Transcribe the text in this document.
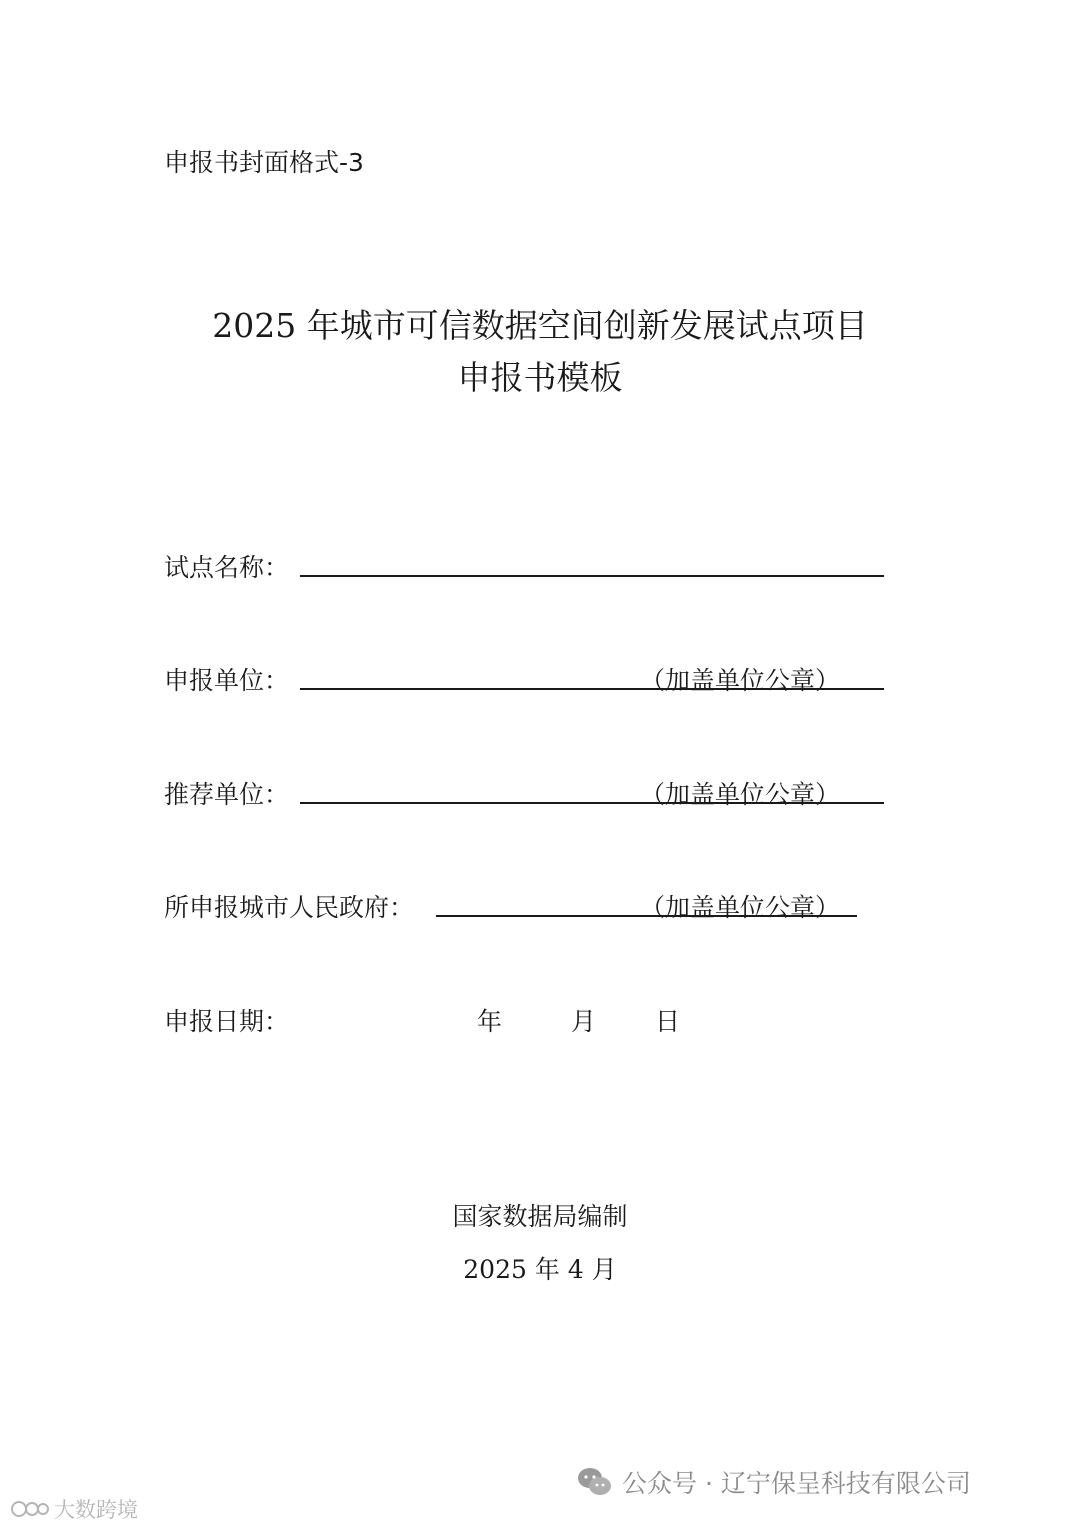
申报书封面格式-3
2025 年城市可信数据空间创新发展试点项目
申报书模板
试点名称：
申报单位：	（加盖单位公章）
推荐单位：	（加盖单位公章）
所申报城市人民政府：	（加盖单位公章）
申报日期：	年	月 日
国家数据局编制
2025 年 4 月
公众号 · 辽宁保呈科技有限公司
大数跨境
